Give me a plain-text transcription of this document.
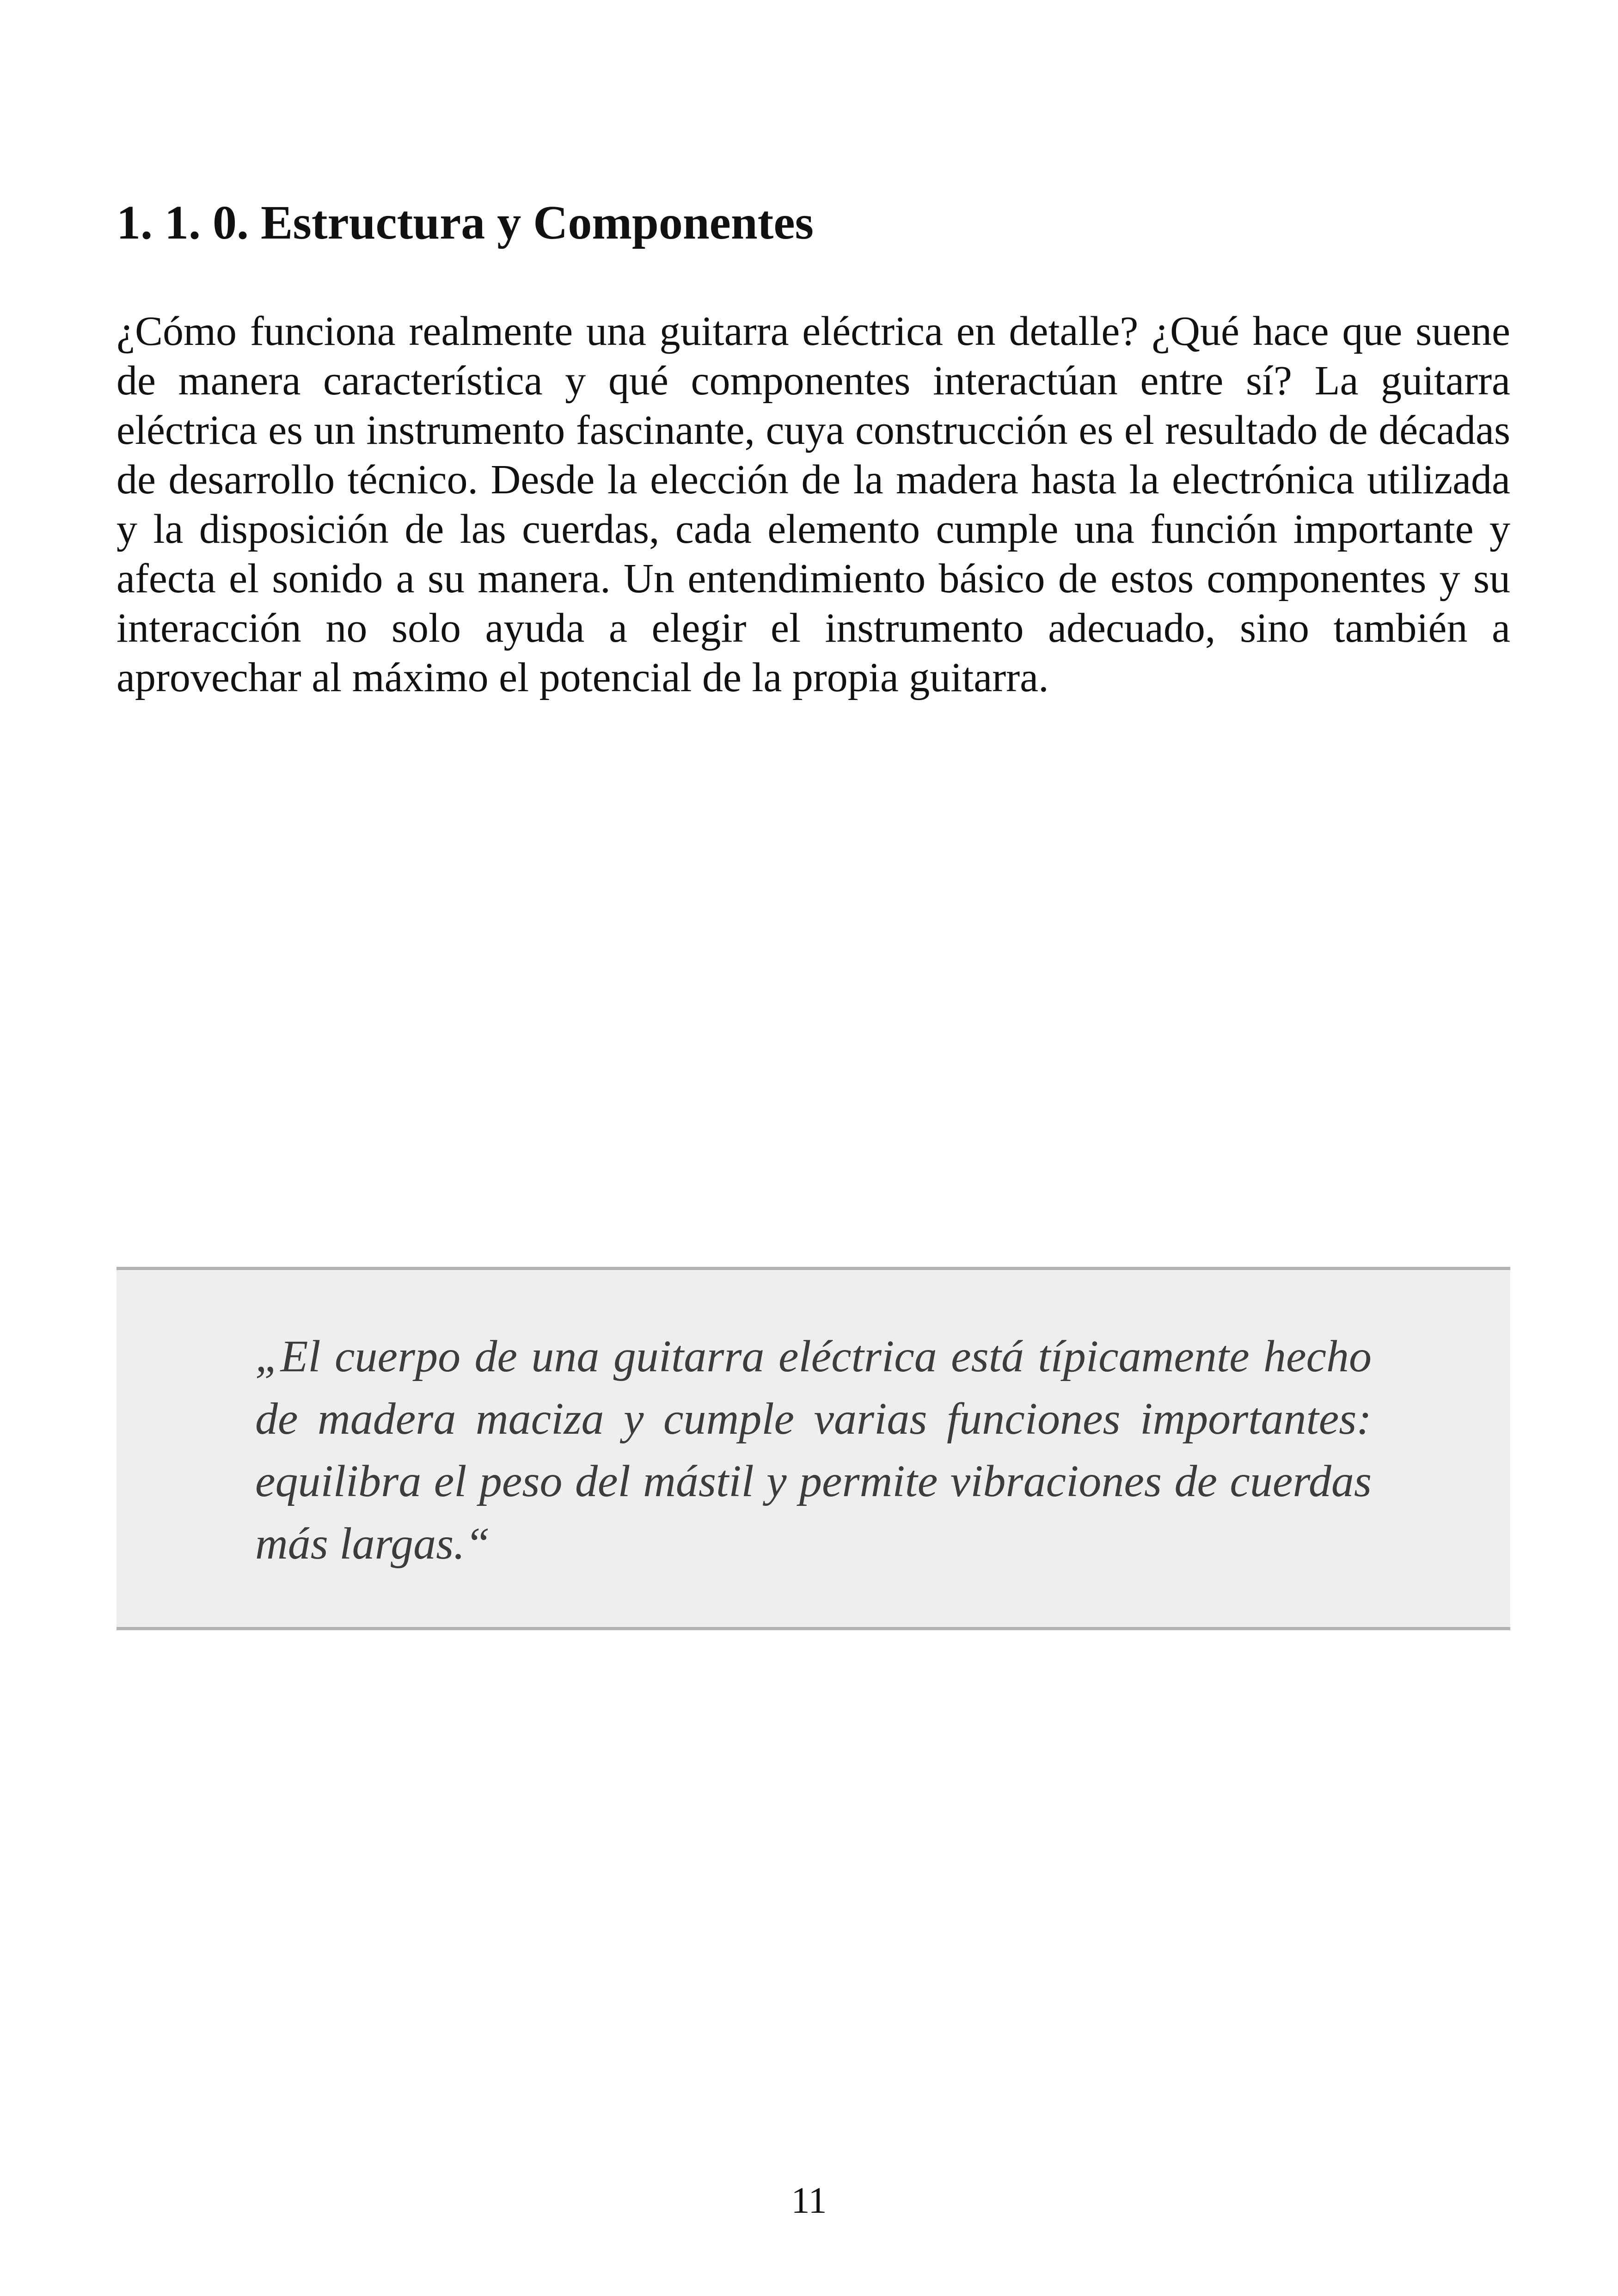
1. 1. 0. Estructura y Componentes

¿Cómo funciona realmente una guitarra eléctrica en detalle? ¿Qué hace que suene de manera característica y qué componentes interactúan entre sí? La guitarra eléctrica es un instrumento fascinante, cuya construcción es el resultado de décadas de desarrollo técnico. Desde la elección de la madera hasta la electrónica utilizada y la disposición de las cuerdas, cada elemento cumple una función importante y afecta el sonido a su manera. Un entendimiento básico de estos componentes y su interacción no solo ayuda a elegir el instrumento adecuado, sino también a aprovechar al máximo el potencial de la propia guitarra.

„El cuerpo de una guitarra eléctrica está típicamente hecho de madera maciza y cumple varias funciones importantes: equilibra el peso del mástil y permite vibraciones de cuerdas más largas.“

11
